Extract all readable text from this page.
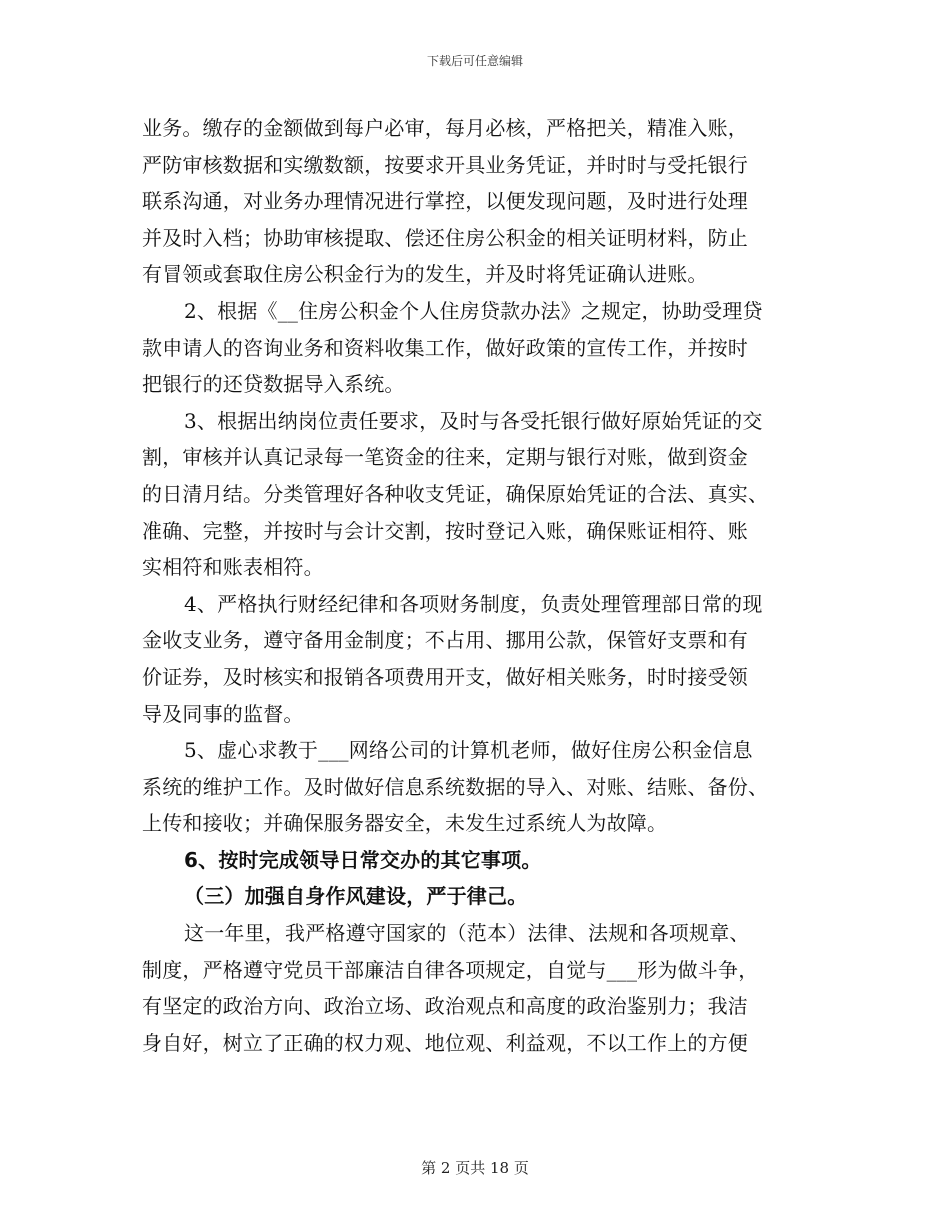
下载后可任意编辑
业务。缴存的金额做到每户必审，每月必核，严格把关，精准入账，
严防审核数据和实缴数额，按要求开具业务凭证，并时时与受托银行
联系沟通，对业务办理情况进行掌控，以便发现问题，及时进行处理
并及时入档；协助审核提取、偿还住房公积金的相关证明材料，防止
有冒领或套取住房公积金行为的发生，并及时将凭证确认进账。
2、根据《__住房公积金个人住房贷款办法》之规定，协助受理贷
款申请人的咨询业务和资料收集工作，做好政策的宣传工作，并按时
把银行的还贷数据导入系统。
3、根据出纳岗位责任要求，及时与各受托银行做好原始凭证的交
割，审核并认真记录每一笔资金的往来，定期与银行对账，做到资金
的日清月结。分类管理好各种收支凭证，确保原始凭证的合法、真实、
准确、完整，并按时与会计交割，按时登记入账，确保账证相符、账
实相符和账表相符。
4、严格执行财经纪律和各项财务制度，负责处理管理部日常的现
金收支业务，遵守备用金制度；不占用、挪用公款，保管好支票和有
价证券，及时核实和报销各项费用开支，做好相关账务，时时接受领
导及同事的监督。
5、虚心求教于___网络公司的计算机老师，做好住房公积金信息
系统的维护工作。及时做好信息系统数据的导入、对账、结账、备份、
上传和接收；并确保服务器安全，未发生过系统人为故障。
6、按时完成领导日常交办的其它事项。
（三）加强自身作风建设，严于律己。
这一年里，我严格遵守国家的（范本）法律、法规和各项规章、
制度，严格遵守党员干部廉洁自律各项规定，自觉与___形为做斗争，
有坚定的政治方向、政治立场、政治观点和高度的政治鉴别力；我洁
身自好，树立了正确的权力观、地位观、利益观，不以工作上的方便
第 2 页共 18 页
